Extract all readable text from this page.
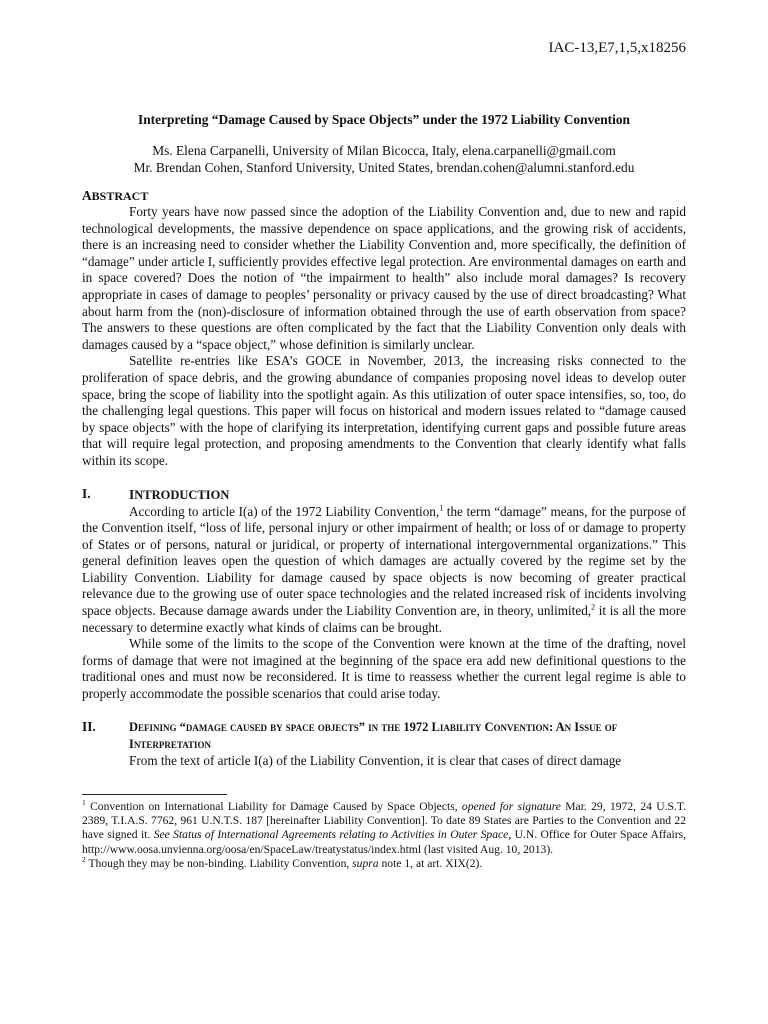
IAC-13,E7,1,5,x18256

Interpreting “Damage Caused by Space Objects” under the 1972 Liability Convention

Ms. Elena Carpanelli, University of Milan Bicocca, Italy, elena.carpanelli@gmail.com
Mr. Brendan Cohen, Stanford University, United States, brendan.cohen@alumni.stanford.edu

ABSTRACT

Forty years have now passed since the adoption of the Liability Convention and, due to new and rapid technological developments, the massive dependence on space applications, and the growing risk of accidents, there is an increasing need to consider whether the Liability Convention and, more specifically, the definition of “damage” under article I, sufficiently provides effective legal protection. Are environmental damages on earth and in space covered? Does the notion of “the impairment to health” also include moral damages? Is recovery appropriate in cases of damage to peoples’ personality or privacy caused by the use of direct broadcasting? What about harm from the (non)-disclosure of information obtained through the use of earth observation from space? The answers to these questions are often complicated by the fact that the Liability Convention only deals with damages caused by a “space object,” whose definition is similarly unclear.

Satellite re-entries like ESA’s GOCE in November, 2013, the increasing risks connected to the proliferation of space debris, and the growing abundance of companies proposing novel ideas to develop outer space, bring the scope of liability into the spotlight again. As this utilization of outer space intensifies, so, too, do the challenging legal questions. This paper will focus on historical and modern issues related to “damage caused by space objects” with the hope of clarifying its interpretation, identifying current gaps and possible future areas that will require legal protection, and proposing amendments to the Convention that clearly identify what falls within its scope.

I.	INTRODUCTION

According to article I(a) of the 1972 Liability Convention,$^1$ the term “damage” means, for the purpose of the Convention itself, “loss of life, personal injury or other impairment of health; or loss of or damage to property of States or of persons, natural or juridical, or property of international intergovernmental organizations.” This general definition leaves open the question of which damages are actually covered by the regime set by the Liability Convention. Liability for damage caused by space objects is now becoming of greater practical relevance due to the growing use of outer space technologies and the related increased risk of incidents involving space objects. Because damage awards under the Liability Convention are, in theory, unlimited,$^2$ it is all the more necessary to determine exactly what kinds of claims can be brought.

While some of the limits to the scope of the Convention were known at the time of the drafting, novel forms of damage that were not imagined at the beginning of the space era add new definitional questions to the traditional ones and must now be reconsidered. It is time to reassess whether the current legal regime is able to properly accommodate the possible scenarios that could arise today.

II.	Defining “damage caused by space objects” in the 1972 Liability Convention: An Issue of Interpretation

From the text of article I(a) of the Liability Convention, it is clear that cases of direct damage

$^1$ Convention on International Liability for Damage Caused by Space Objects, opened for signature Mar. 29, 1972, 24 U.S.T. 2389, T.I.A.S. 7762, 961 U.N.T.S. 187 [hereinafter Liability Convention]. To date 89 States are Parties to the Convention and 22 have signed it. See Status of International Agreements relating to Activities in Outer Space, U.N. Office for Outer Space Affairs, http://www.oosa.unvienna.org/oosa/en/SpaceLaw/treatystatus/index.html (last visited Aug. 10, 2013).

$^2$ Though they may be non-binding. Liability Convention, supra note 1, at art. XIX(2).
